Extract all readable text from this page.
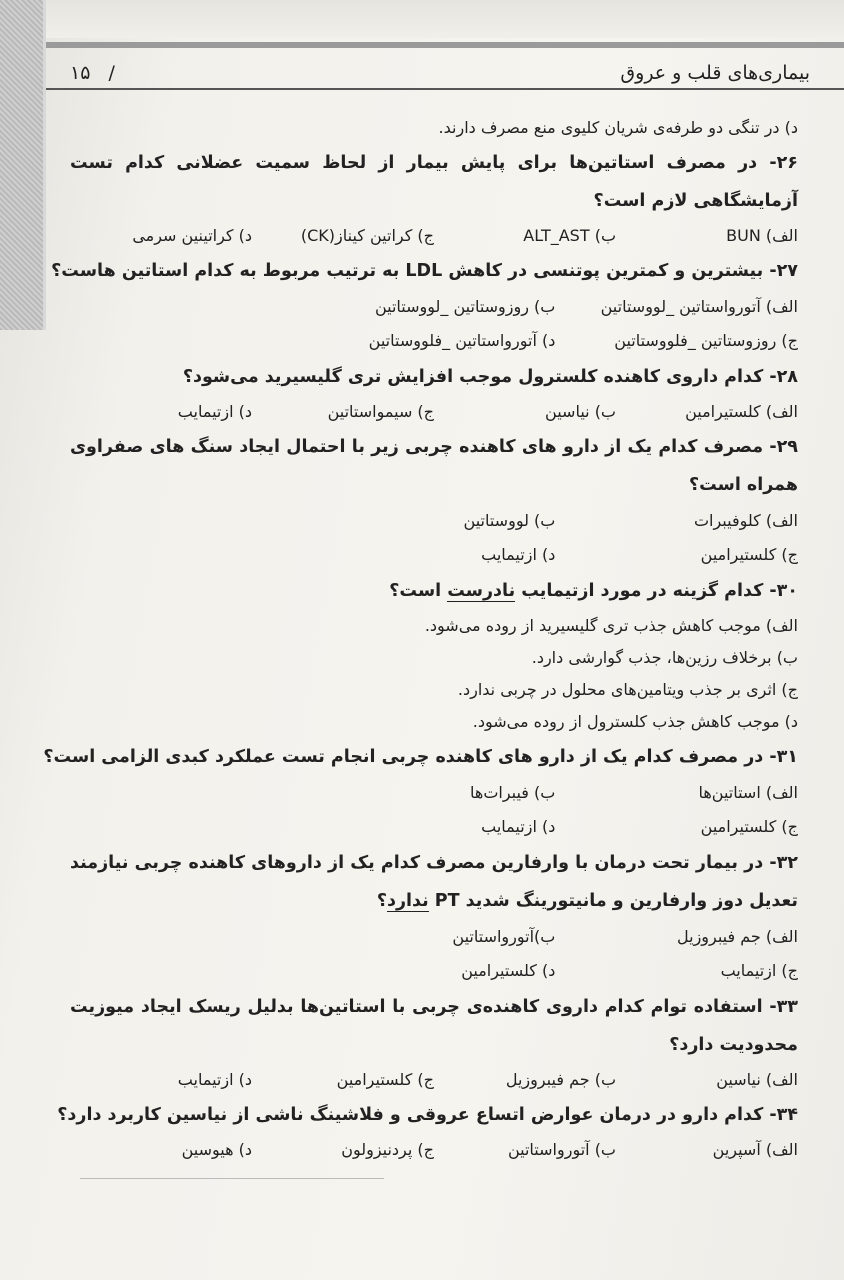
بیماری‌های قلب و عروق
/ ۱۵
د) در تنگی دو طرفه‌ی شریان کلیوی منع مصرف دارند.
۲۶- در مصرف استاتین‌ها برای پایش بیمار از لحاظ سمیت عضلانی کدام تست آزمایشگاهی لازم است؟
الف) BUN
ب) ALT_AST
ج) کراتین کیناز(CK)
د) کراتینین سرمی
۲۷- بیشترین و کمترین پوتنسی در کاهش LDL به ترتیب مربوط به کدام استاتین هاست؟
الف) آتورواستاتین _لووستاتین
ب) روزوستاتین _لووستاتین
ج) روزوستاتین _فلووستاتین
د) آتورواستاتین _فلووستاتین
۲۸- کدام داروی کاهنده کلسترول موجب افزایش تری گلیسیرید می‌شود؟
الف) کلستیرامین
ب) نیاسین
ج) سیمواستاتین
د) ازتیمایب
۲۹- مصرف کدام یک از دارو های کاهنده چربی زیر با احتمال ایجاد سنگ های صفراوی همراه است؟
الف) کلوفیبرات
ب) لووستاتین
ج) کلستیرامین
د) ازتیمایب
۳۰- کدام گزینه در مورد ازتیمایب نادرست است؟
الف) موجب کاهش جذب تری گلیسیرید از روده می‌شود.
ب) برخلاف رزین‌ها، جذب گوارشی دارد.
ج) اثری بر جذب ویتامین‌های محلول در چربی ندارد.
د) موجب کاهش جذب کلسترول از روده می‌شود.
۳۱- در مصرف کدام یک از دارو های کاهنده چربی انجام تست عملکرد کبدی الزامی است؟
الف) استاتین‌ها
ب) فیبرات‌ها
ج) کلستیرامین
د) ازتیمایب
۳۲- در بیمار تحت درمان با وارفارین مصرف کدام یک از داروهای کاهنده چربی نیازمند تعدیل دوز وارفارین و مانیتورینگ شدید PT ندارد؟
الف) جم فیبروزیل
ب)آتورواستاتین
ج) ازتیمایب
د) کلستیرامین
۳۳- استفاده توام کدام داروی کاهنده‌ی چربی با استاتین‌ها بدلیل ریسک ایجاد میوزیت محدودیت دارد؟
الف) نیاسین
ب) جم فیبروزیل
ج) کلستیرامین
د) ازتیمایب
۳۴- کدام دارو در درمان عوارض اتساع عروقی و فلاشینگ ناشی از نیاسین کاربرد دارد؟
الف) آسپرین
ب) آتورواستاتین
ج) پردنیزولون
د) هیوسین
